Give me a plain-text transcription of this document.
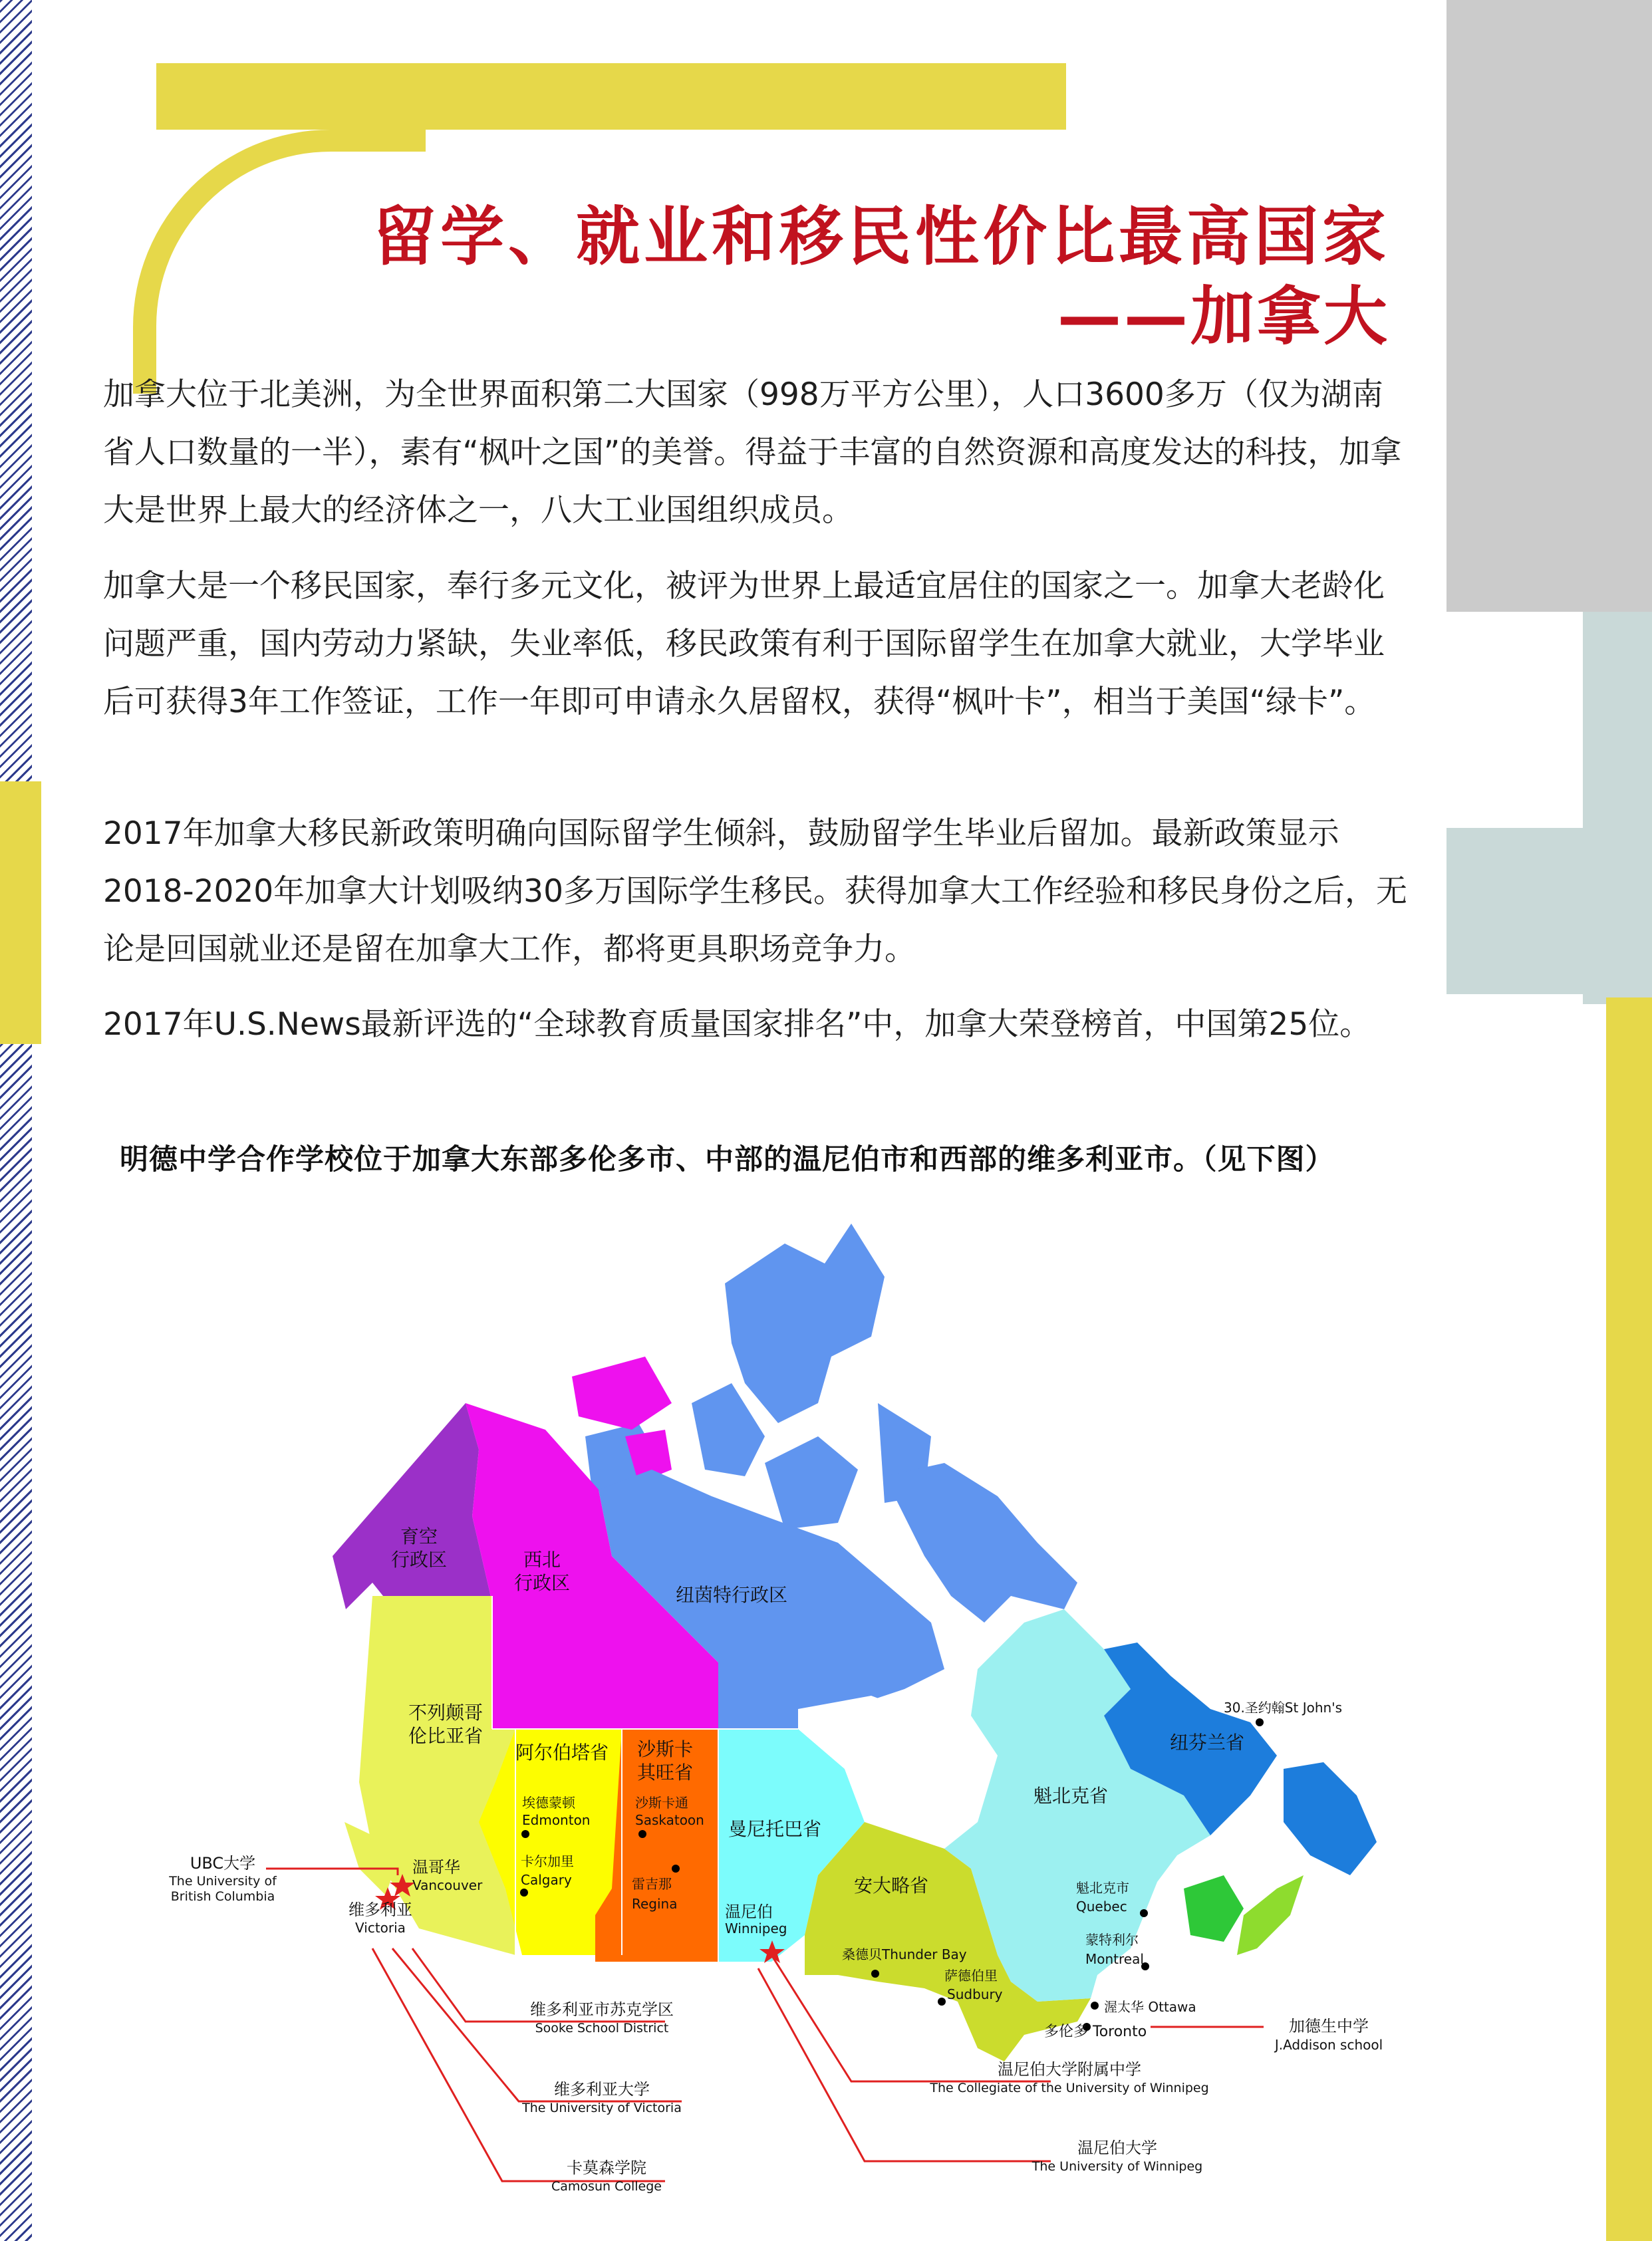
留学、就业和移民性价比最高国家
——加拿大

加拿大位于北美洲，为全世界面积第二大国家（998万平方公里），人口3600多万（仅为湖南省人口数量的一半），素有“枫叶之国”的美誉。得益于丰富的自然资源和高度发达的科技，加拿大是世界上最大的经济体之一，八大工业国组织成员。

加拿大是一个移民国家，奉行多元文化，被评为世界上最适宜居住的国家之一。加拿大老龄化问题严重，国内劳动力紧缺，失业率低，移民政策有利于国际留学生在加拿大就业，大学毕业后可获得3年工作签证，工作一年即可申请永久居留权，获得“枫叶卡”，相当于美国“绿卡”。

2017年加拿大移民新政策明确向国际留学生倾斜，鼓励留学生毕业后留加。最新政策显示2018-2020年加拿大计划吸纳30多万国际学生移民。获得加拿大工作经验和移民身份之后，无论是回国就业还是留在加拿大工作，都将更具职场竞争力。

2017年U.S.News最新评选的“全球教育质量国家排名”中，加拿大荣登榜首，中国第25位。

明德中学合作学校位于加拿大东部多伦多市、中部的温尼伯市和西部的维多利亚市。（见下图）

育空
行政区	西北
行政区
纽茵特行政区
不列颠哥
伦比亚省
阿尔伯塔省 沙斯卡
其旺省
曼尼托巴省
安大略省
魁北克省
纽芬兰省
30.圣约翰St John's
埃德蒙顿
Edmonton
卡尔加里
Calgary
沙斯卡通
Saskatoon
雷吉那
Regina	温尼伯
Winnipeg
温哥华
Vancouver
维多利亚
Victoria
桑德贝Thunder Bay
萨德伯里
Sudbury
魁北克市
Quebec
蒙特利尔
Montreal
渥太华 Ottawa
多伦多 Toronto
UBC大学
The University of
British Columbia
维多利亚市苏克学区
Sooke School District
维多利亚大学
The University of Victoria
卡莫森学院
Camosun College
温尼伯大学附属中学
The Collegiate of the University of Winnipeg
温尼伯大学
The University of Winnipeg
加德生中学
J.Addison school
